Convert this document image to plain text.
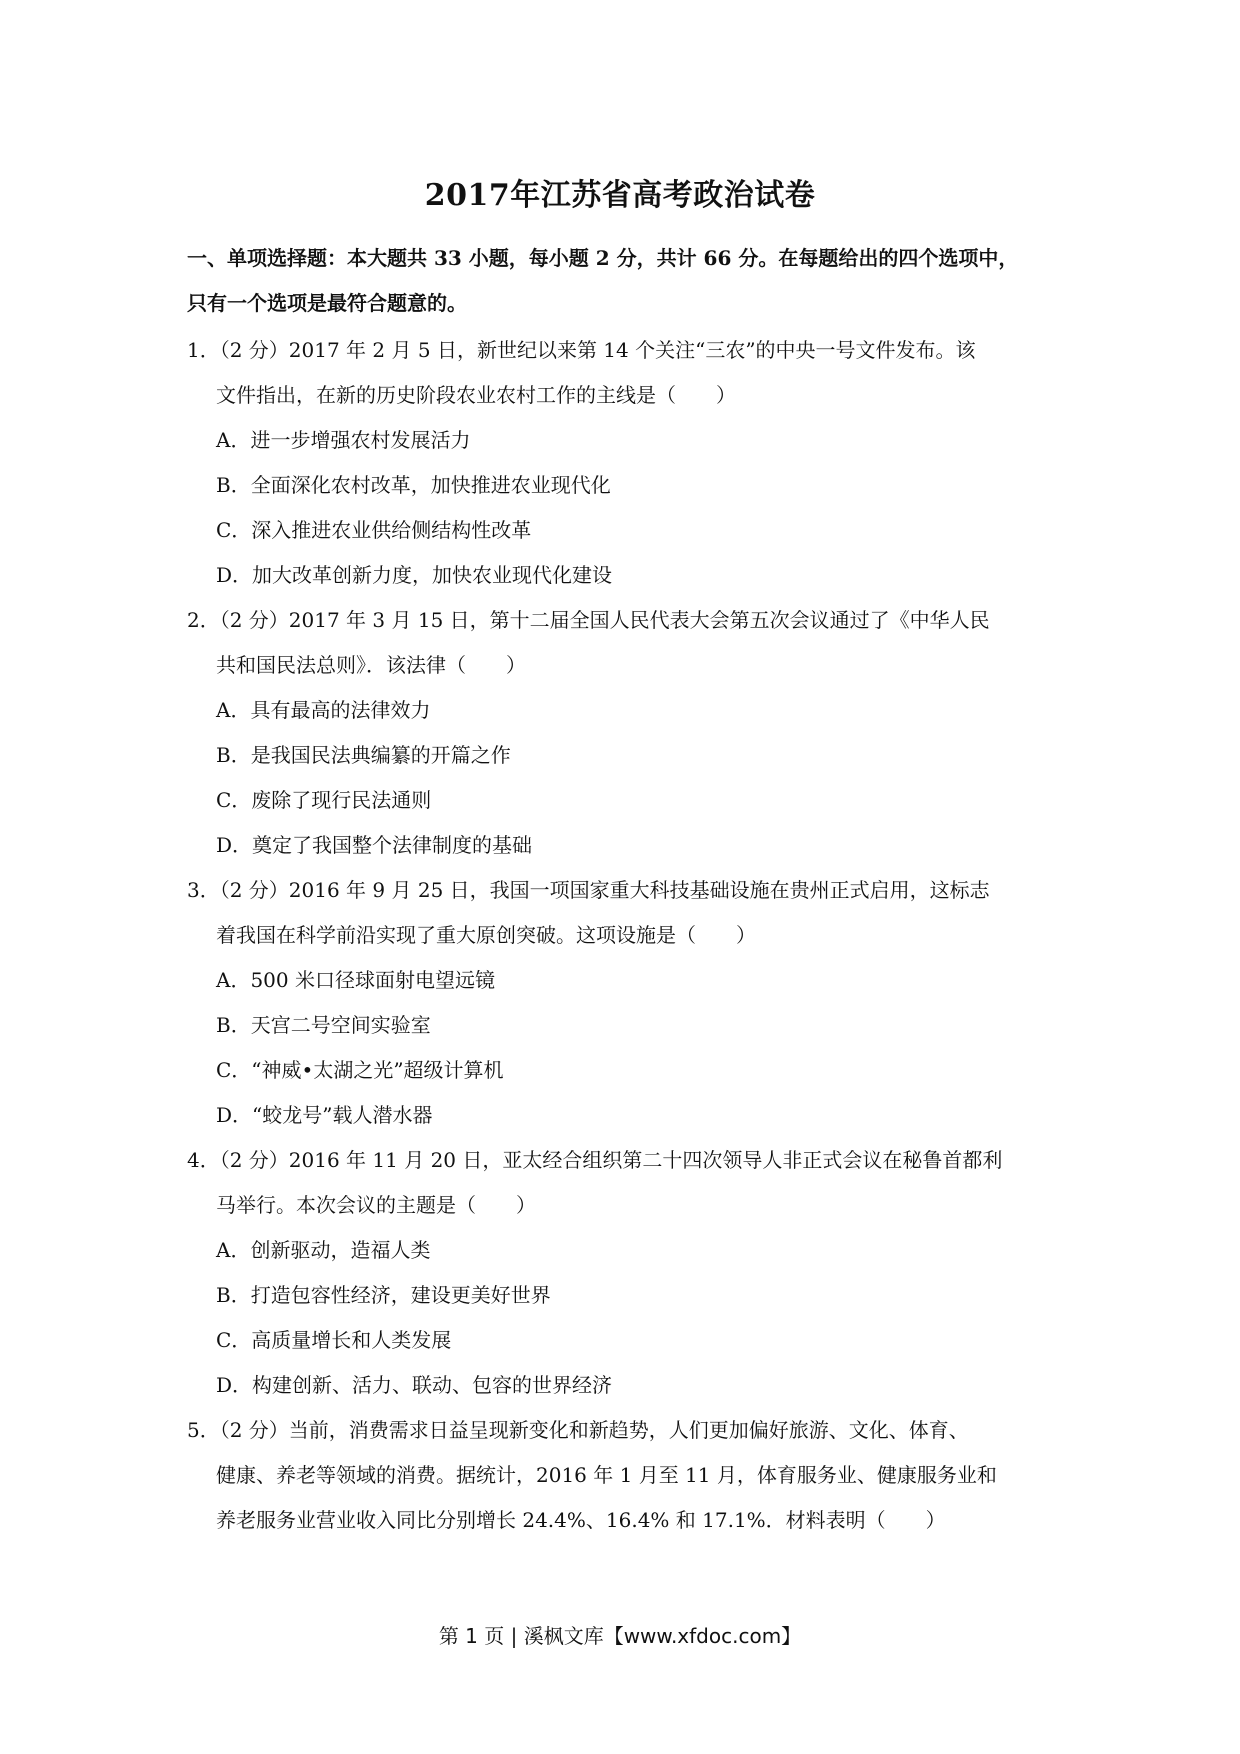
2017年江苏省高考政治试卷
一、单项选择题：本大题共 33 小题，每小题 2 分，共计 66 分。在每题给出的四个选项中，
只有一个选项是最符合题意的。
1．（2 分）2017 年 2 月 5 日，新世纪以来第 14 个关注“三农”的中央一号文件发布。该
文件指出，在新的历史阶段农业农村工作的主线是（　　）
A．进一步增强农村发展活力
B．全面深化农村改革，加快推进农业现代化
C．深入推进农业供给侧结构性改革
D．加大改革创新力度，加快农业现代化建设
2．（2 分）2017 年 3 月 15 日，第十二届全国人民代表大会第五次会议通过了《中华人民
共和国民法总则》．该法律（　　）
A．具有最高的法律效力
B．是我国民法典编纂的开篇之作
C．废除了现行民法通则
D．奠定了我国整个法律制度的基础
3．（2 分）2016 年 9 月 25 日，我国一项国家重大科技基础设施在贵州正式启用，这标志
着我国在科学前沿实现了重大原创突破。这项设施是（　　）
A．500 米口径球面射电望远镜
B．天宫二号空间实验室
C．“神威•太湖之光”超级计算机
D．“蛟龙号”载人潜水器
4．（2 分）2016 年 11 月 20 日，亚太经合组织第二十四次领导人非正式会议在秘鲁首都利
马举行。本次会议的主题是（　　）
A．创新驱动，造福人类
B．打造包容性经济，建设更美好世界
C．高质量增长和人类发展
D．构建创新、活力、联动、包容的世界经济
5．（2 分）当前，消费需求日益呈现新变化和新趋势，人们更加偏好旅游、文化、体育、
健康、养老等领域的消费。据统计，2016 年 1 月至 11 月，体育服务业、健康服务业和
养老服务业营业收入同比分别增长 24.4%、16.4% 和 17.1%．材料表明（　　）
第 1 页 | 溪枫文库【www.xfdoc.com】
